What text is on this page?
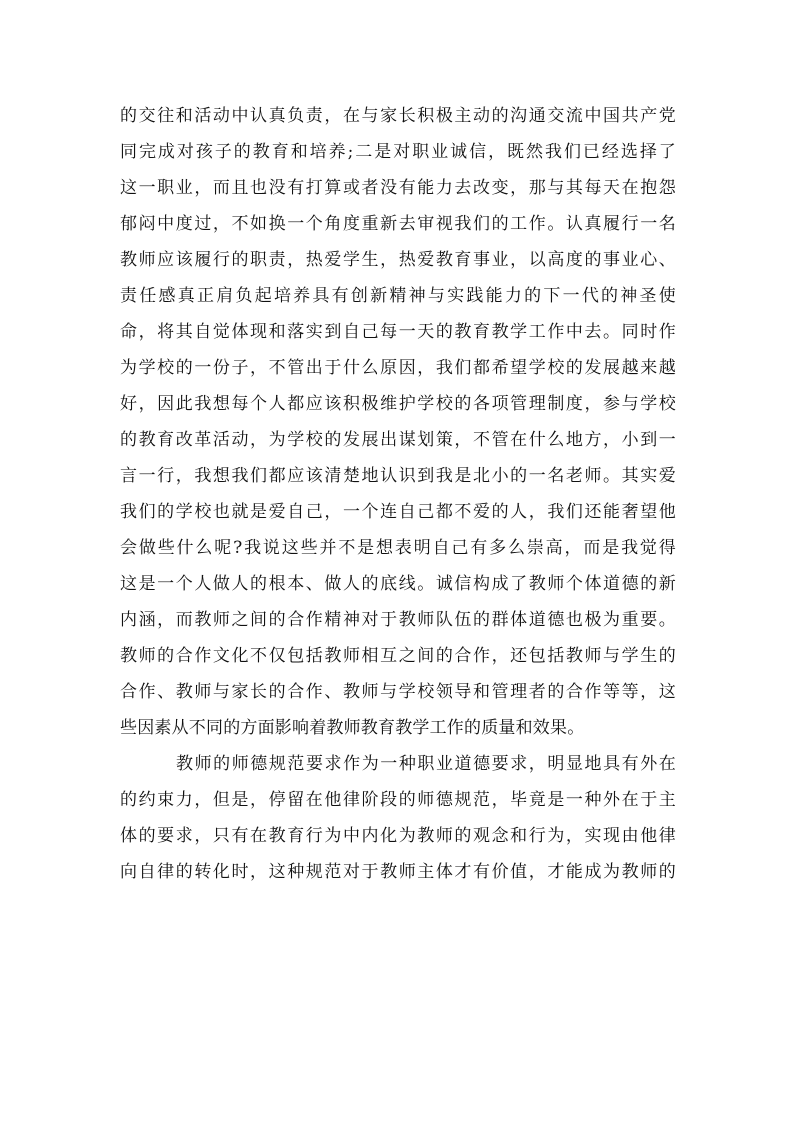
的交往和活动中认真负责，在与家长积极主动的沟通交流中国共产党
同完成对孩子的教育和培养;二是对职业诚信，既然我们已经选择了
这一职业，而且也没有打算或者没有能力去改变，那与其每天在抱怨
郁闷中度过，不如换一个角度重新去审视我们的工作。认真履行一名
教师应该履行的职责，热爱学生，热爱教育事业，以高度的事业心、
责任感真正肩负起培养具有创新精神与实践能力的下一代的神圣使
命，将其自觉体现和落实到自己每一天的教育教学工作中去。同时作
为学校的一份子，不管出于什么原因，我们都希望学校的发展越来越
好，因此我想每个人都应该积极维护学校的各项管理制度，参与学校
的教育改革活动，为学校的发展出谋划策，不管在什么地方，小到一
言一行，我想我们都应该清楚地认识到我是北小的一名老师。其实爱
我们的学校也就是爱自己，一个连自己都不爱的人，我们还能奢望他
会做些什么呢?我说这些并不是想表明自己有多么崇高，而是我觉得
这是一个人做人的根本、做人的底线。诚信构成了教师个体道德的新
内涵，而教师之间的合作精神对于教师队伍的群体道德也极为重要。
教师的合作文化不仅包括教师相互之间的合作，还包括教师与学生的
合作、教师与家长的合作、教师与学校领导和管理者的合作等等，这
些因素从不同的方面影响着教师教育教学工作的质量和效果。
教师的师德规范要求作为一种职业道德要求，明显地具有外在
的约束力，但是，停留在他律阶段的师德规范，毕竟是一种外在于主
体的要求，只有在教育行为中内化为教师的观念和行为，实现由他律
向自律的转化时，这种规范对于教师主体才有价值，才能成为教师的
